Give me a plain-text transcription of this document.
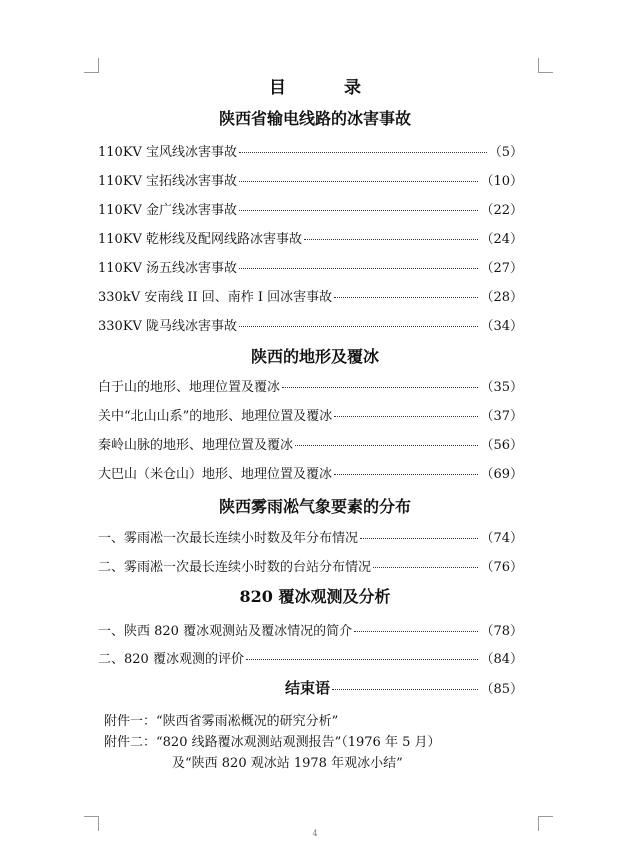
目 录
陕西省输电线路的冰害事故
110KV 宝风线冰害事故	（5）
110KV 宝拓线冰害事故	（10）
110KV 金广线冰害事故	（22）
110KV 乾彬线及配网线路冰害事故	（24）
110KV 汤五线冰害事故	（27）
330kV 安南线 II 回、南柞 I 回冰害事故	（28）
330KV 陇马线冰害事故	（34）
陕西的地形及覆冰
白于山的地形、地理位置及覆冰	（35）
关中“北山山系”的地形、地理位置及覆冰	（37）
秦岭山脉的地形、地理位置及覆冰	（56）
大巴山（米仓山）地形、地理位置及覆冰	（69）
陕西雾雨凇气象要素的分布
一、雾雨凇一次最长连续小时数及年分布情况	（74）
二、雾雨凇一次最长连续小时数的台站分布情况	（76）
820 覆冰观测及分析
一、陕西 820 覆冰观测站及覆冰情况的简介	（78）
二、820 覆冰观测的评价	（84）
结束语	（85）
附件一：“陕西省雾雨凇概况的研究分析”
附件二：“820 线路覆冰观测站观测报告”（1976 年 5 月）
及“陕西 820 观冰站 1978 年观冰小结”
4
